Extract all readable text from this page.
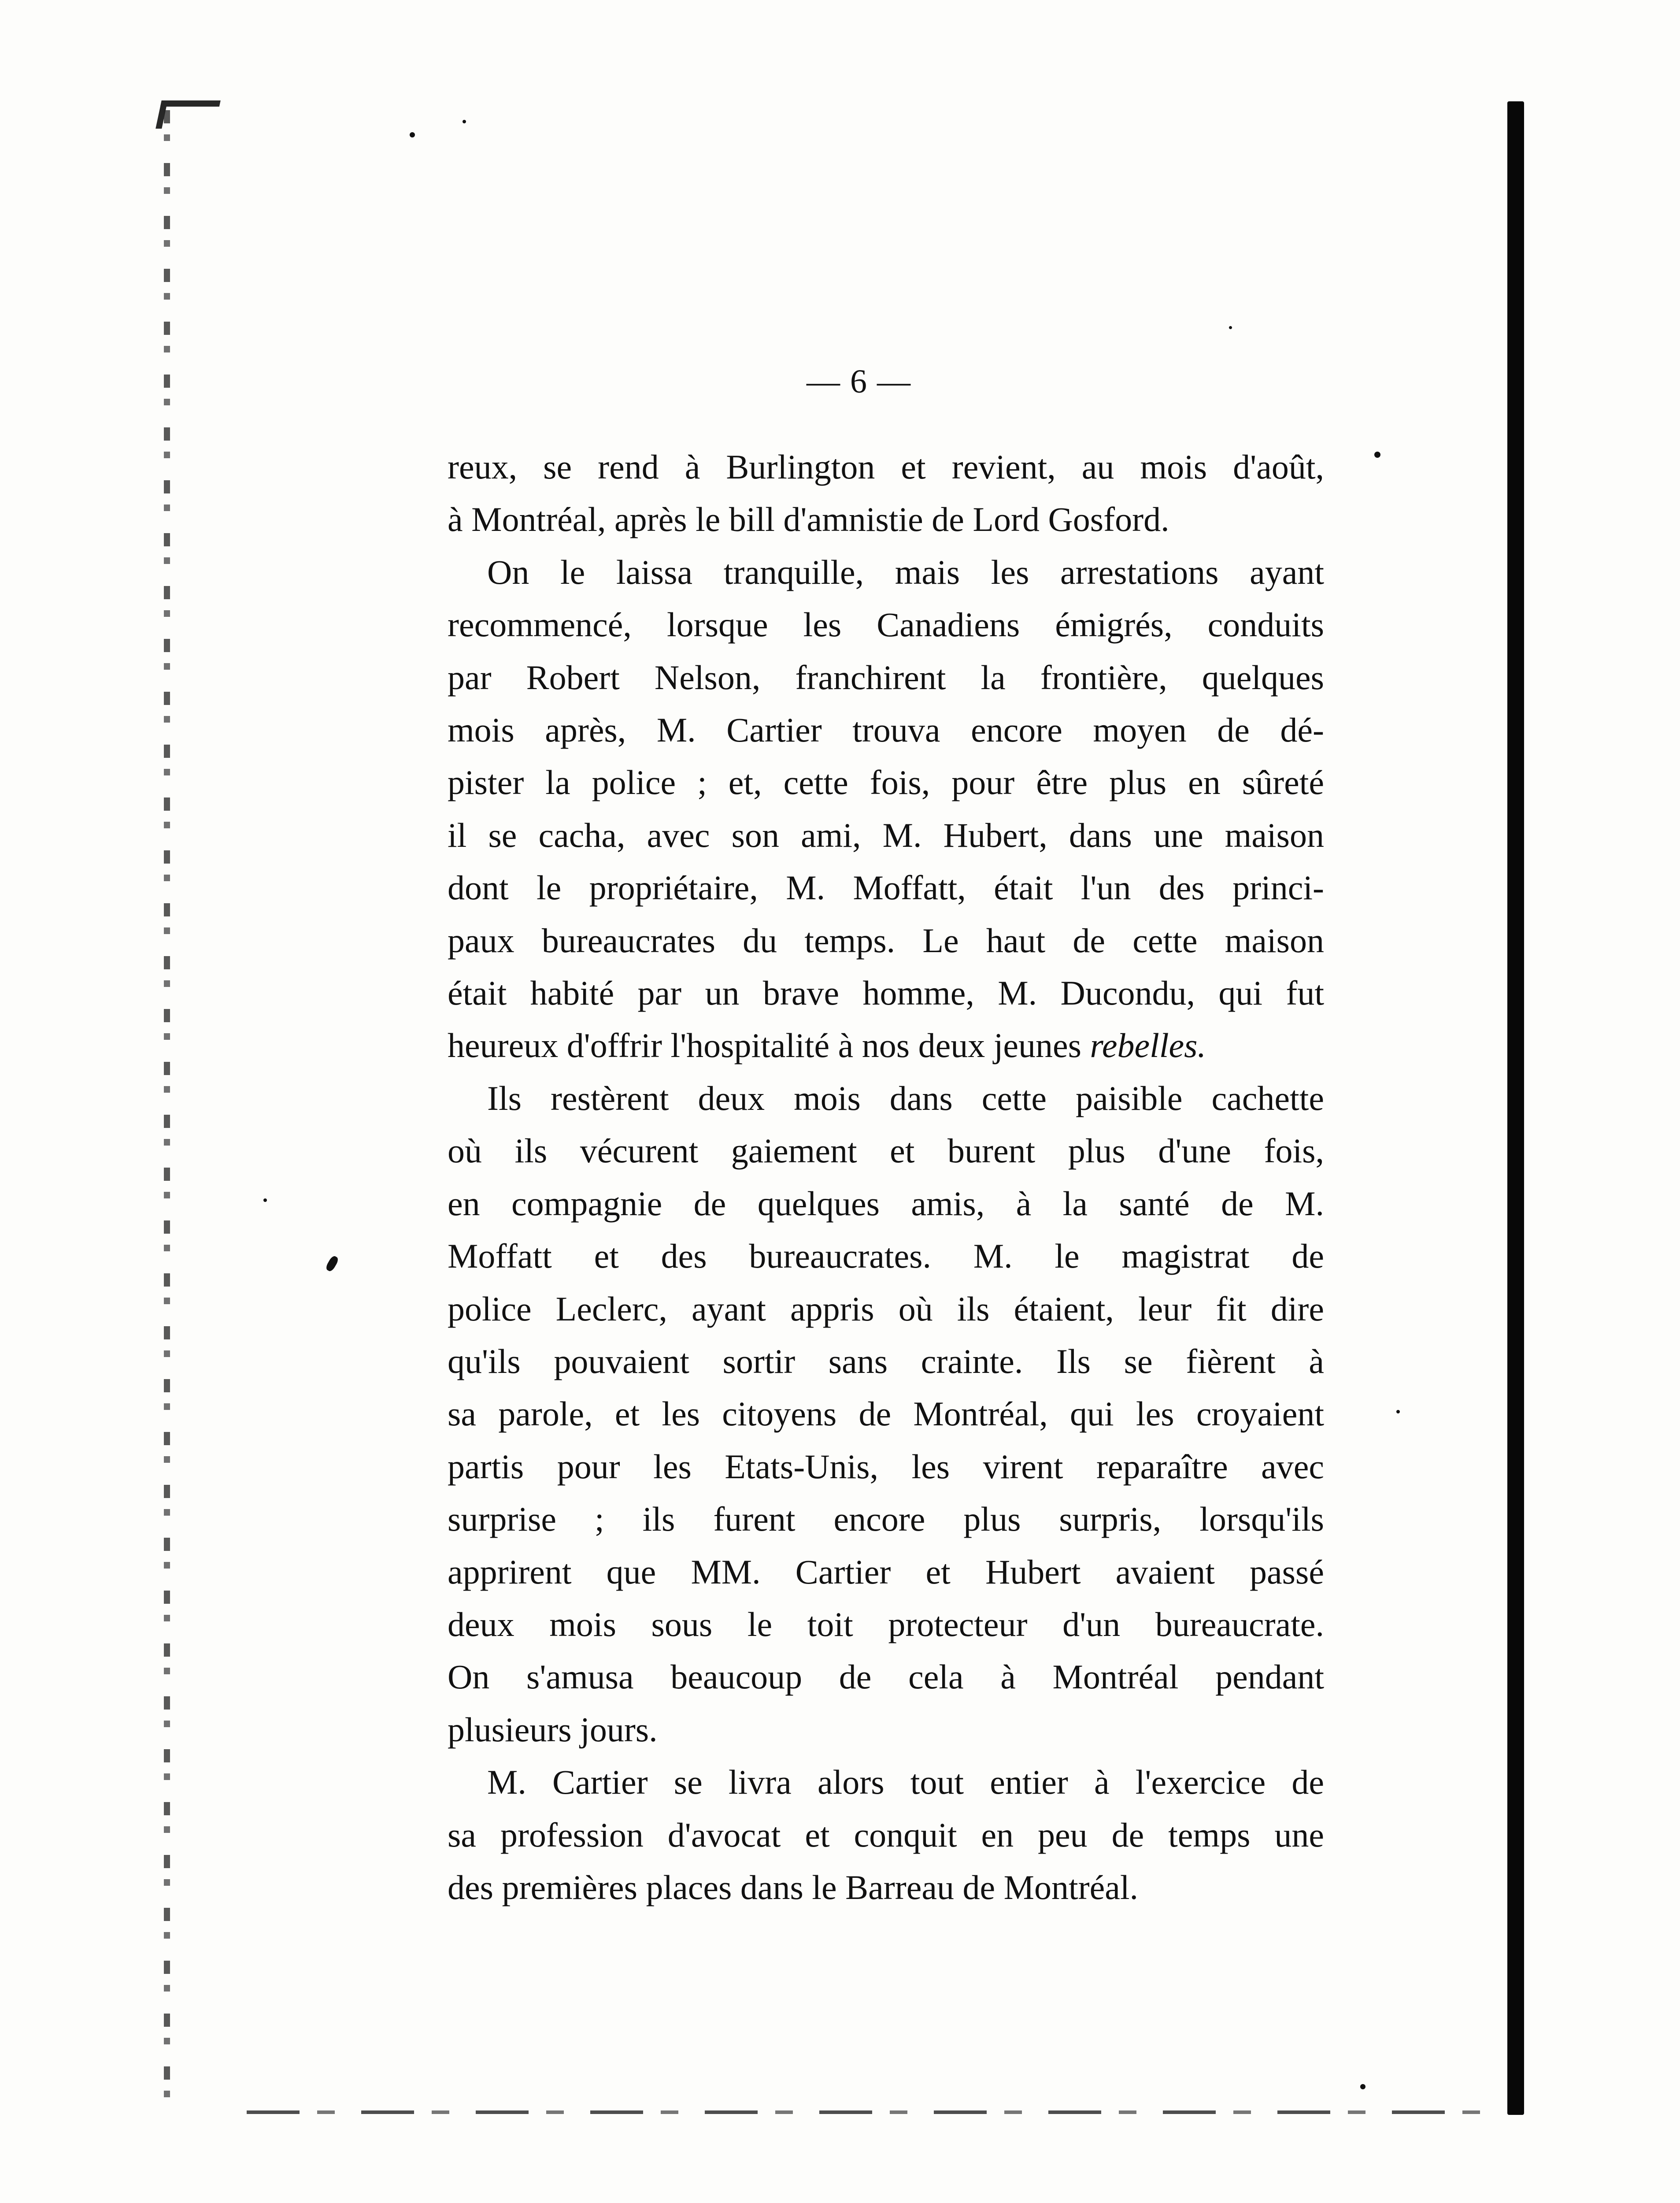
— 6 —

reux, se rend à Burlington et revient, au mois d'août,
à Montréal, après le bill d'amnistie de Lord Gosford.

On le laissa tranquille, mais les arrestations ayant
recommencé, lorsque les Canadiens émigrés, conduits
par Robert Nelson, franchirent la frontière, quelques
mois après, M. Cartier trouva encore moyen de dé-
pister la police ; et, cette fois, pour être plus en sûreté
il se cacha, avec son ami, M. Hubert, dans une maison
dont le propriétaire, M. Moffatt, était l'un des princi-
paux bureaucrates du temps. Le haut de cette maison
était habité par un brave homme, M. Ducondu, qui fut
heureux d'offrir l'hospitalité à nos deux jeunes rebelles.

Ils restèrent deux mois dans cette paisible cachette
où ils vécurent gaiement et burent plus d'une fois,
en compagnie de quelques amis, à la santé de M.
Moffatt et des bureaucrates. M. le magistrat de
police Leclerc, ayant appris où ils étaient, leur fit dire
qu'ils pouvaient sortir sans crainte. Ils se fièrent à
sa parole, et les citoyens de Montréal, qui les croyaient
partis pour les Etats-Unis, les virent reparaître avec
surprise ; ils furent encore plus surpris, lorsqu'ils
apprirent que MM. Cartier et Hubert avaient passé
deux mois sous le toit protecteur d'un bureaucrate.
On s'amusa beaucoup de cela à Montréal pendant
plusieurs jours.

M. Cartier se livra alors tout entier à l'exercice de
sa profession d'avocat et conquit en peu de temps une
des premières places dans le Barreau de Montréal.
